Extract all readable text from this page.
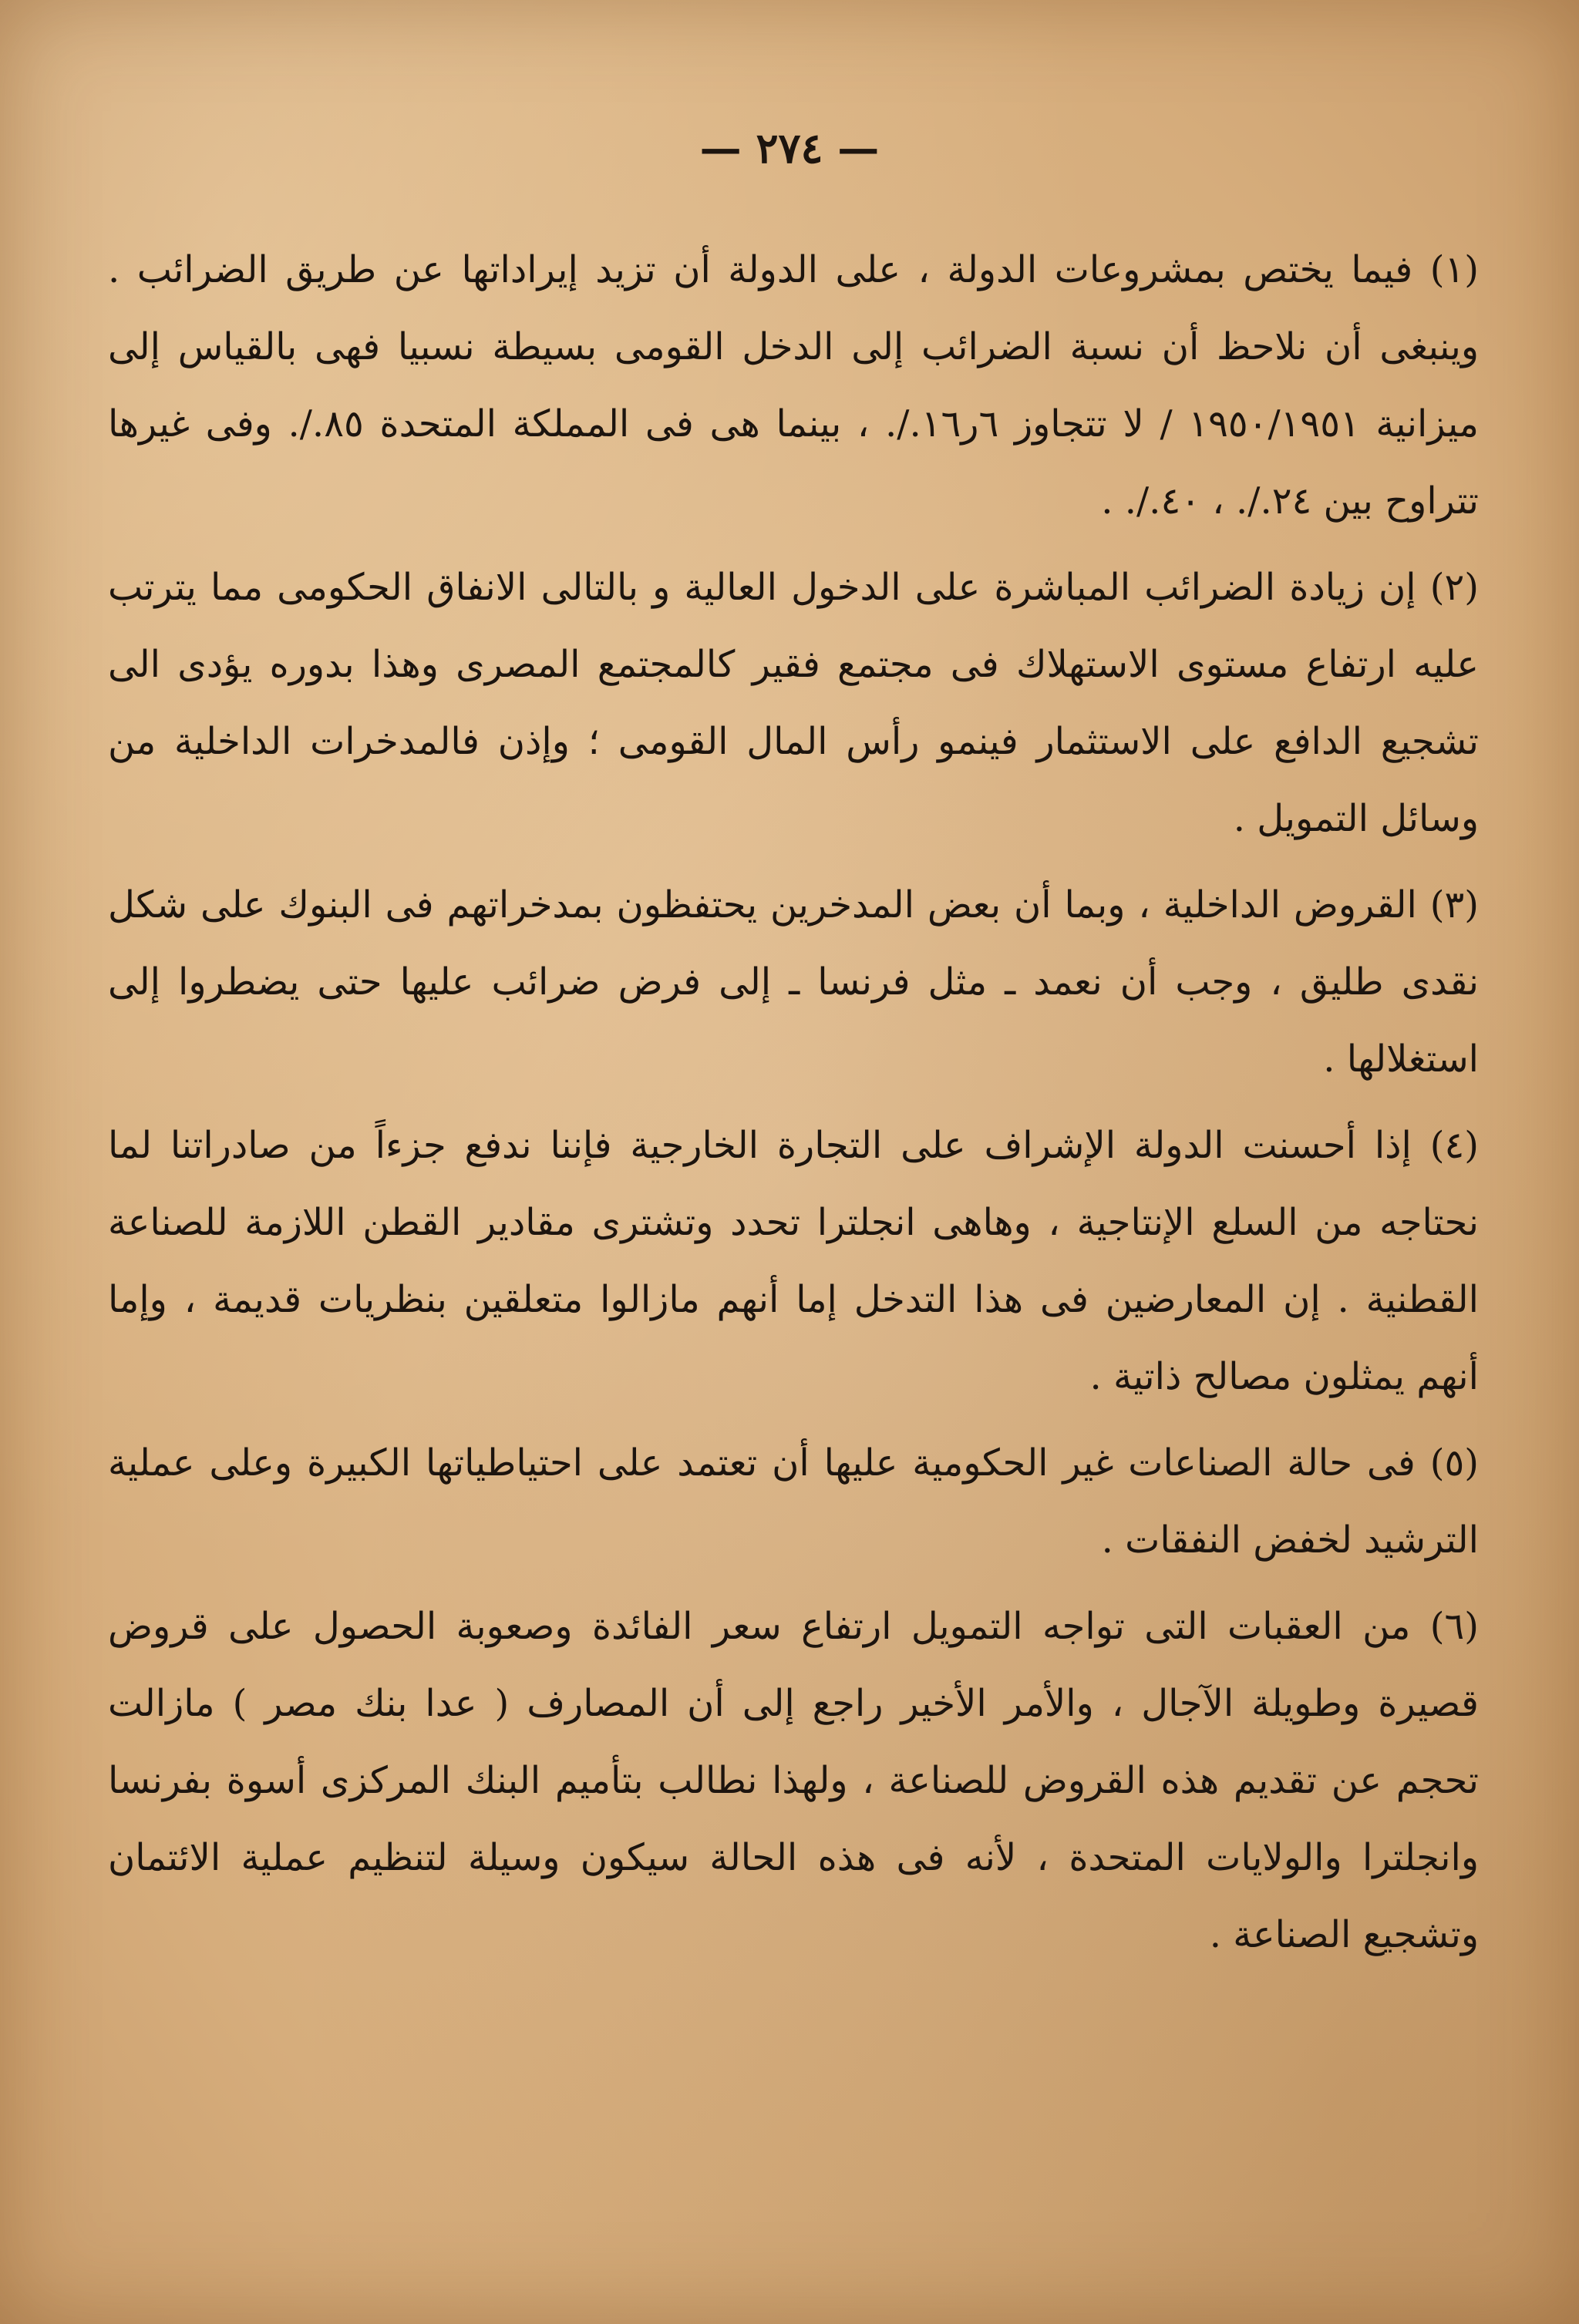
— ٢٧٤ —

(١) فيما يختص بمشروعات الدولة ، على الدولة أن تزيد إيراداتها عن طريق الضرائب . وينبغى أن نلاحظ أن نسبة الضرائب إلى الدخل القومى بسيطة نسبيا فهى بالقياس إلى ميزانية ١٩٥٠/١٩٥١ / لا تتجاوز ٦ر١٦./. ، بينما هى فى المملكة المتحدة ٨٥./. وفى غيرها تتراوح بين ٢٤./. ، ٤٠./. .

(٢) إن زيادة الضرائب المباشرة على الدخول العالية و بالتالى الانفاق الحكومى مما يترتب عليه ارتفاع مستوى الاستهلاك فى مجتمع فقير كالمجتمع المصرى وهذا بدوره يؤدى الى تشجيع الدافع على الاستثمار فينمو رأس المال القومى ؛ وإذن فالمدخرات الداخلية من وسائل التمويل .

(٣) القروض الداخلية ، وبما أن بعض المدخرين يحتفظون بمدخراتهم فى البنوك على شكل نقدى طليق ، وجب أن نعمد ـ مثل فرنسا ـ إلى فرض ضرائب عليها حتى يضطروا إلى استغلالها .

(٤) إذا أحسنت الدولة الإشراف على التجارة الخارجية فإننا ندفع جزءاً من صادراتنا لما نحتاجه من السلع الإنتاجية ، وهاهى انجلترا تحدد وتشترى مقادير القطن اللازمة للصناعة القطنية . إن المعارضين فى هذا التدخل إما أنهم مازالوا متعلقين بنظريات قديمة ، وإما أنهم يمثلون مصالح ذاتية .

(٥) فى حالة الصناعات غير الحكومية عليها أن تعتمد على احتياطياتها الكبيرة وعلى عملية الترشيد لخفض النفقات .

(٦) من العقبات التى تواجه التمويل ارتفاع سعر الفائدة وصعوبة الحصول على قروض قصيرة وطويلة الآجال ، والأمر الأخير راجع إلى أن المصارف ( عدا بنك مصر ) مازالت تحجم عن تقديم هذه القروض للصناعة ، ولهذا نطالب بتأميم البنك المركزى أسوة بفرنسا وانجلترا والولايات المتحدة ، لأنه فى هذه الحالة سيكون وسيلة لتنظيم عملية الائتمان وتشجيع الصناعة .
